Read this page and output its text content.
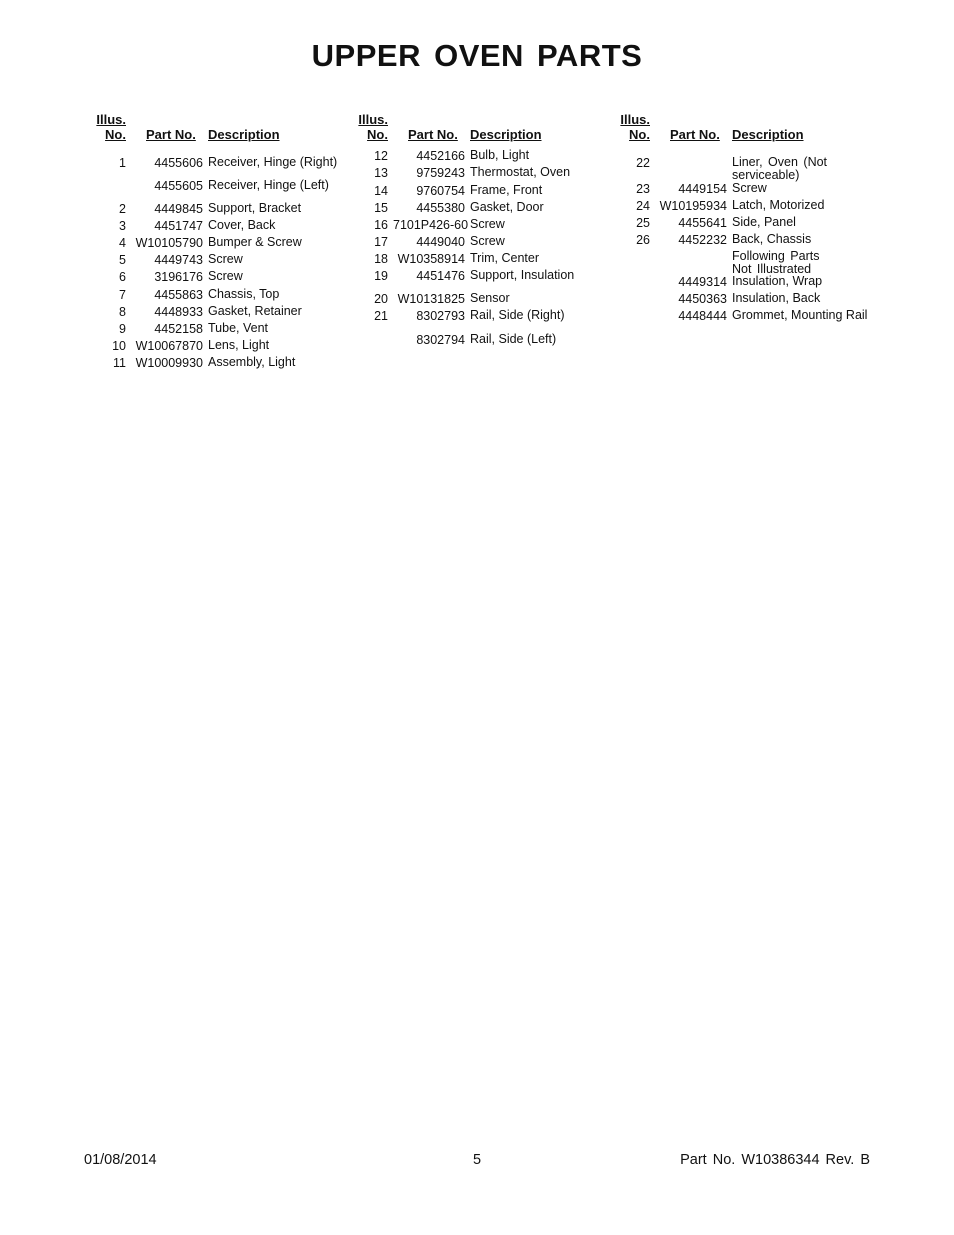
UPPER OVEN PARTS
Illus.
No. Part No. Description
1 4455606 Receiver, Hinge (Right)
4455605 Receiver, Hinge (Left)
2 4449845 Support, Bracket
3 4451747 Cover, Back
4 W10105790 Bumper & Screw
5 4449743 Screw
6 3196176 Screw
7 4455863 Chassis, Top
8 4448933 Gasket, Retainer
9 4452158 Tube, Vent
10 W10067870 Lens, Light
11 W10009930 Assembly, Light
Illus.
No. Part No. Description
12 4452166 Bulb, Light
13 9759243 Thermostat, Oven
14 9760754 Frame, Front
15 4455380 Gasket, Door
16 7101P426-60 Screw
17 4449040 Screw
18 W10358914 Trim, Center
19 4451476 Support, Insulation
20 W10131825 Sensor
21 8302793 Rail, Side (Right)
8302794 Rail, Side (Left)
Illus.
No. Part No. Description
22	Liner, Oven (Not serviceable)
23 4449154 Screw
24 W10195934 Latch, Motorized
25 4455641 Side, Panel
26 4452232 Back, Chassis
Following Parts Not Illustrated
4449314 Insulation, Wrap
4450363 Insulation, Back
4448444 Grommet, Mounting Rail
01/08/2014	5	Part No. W10386344 Rev. B
